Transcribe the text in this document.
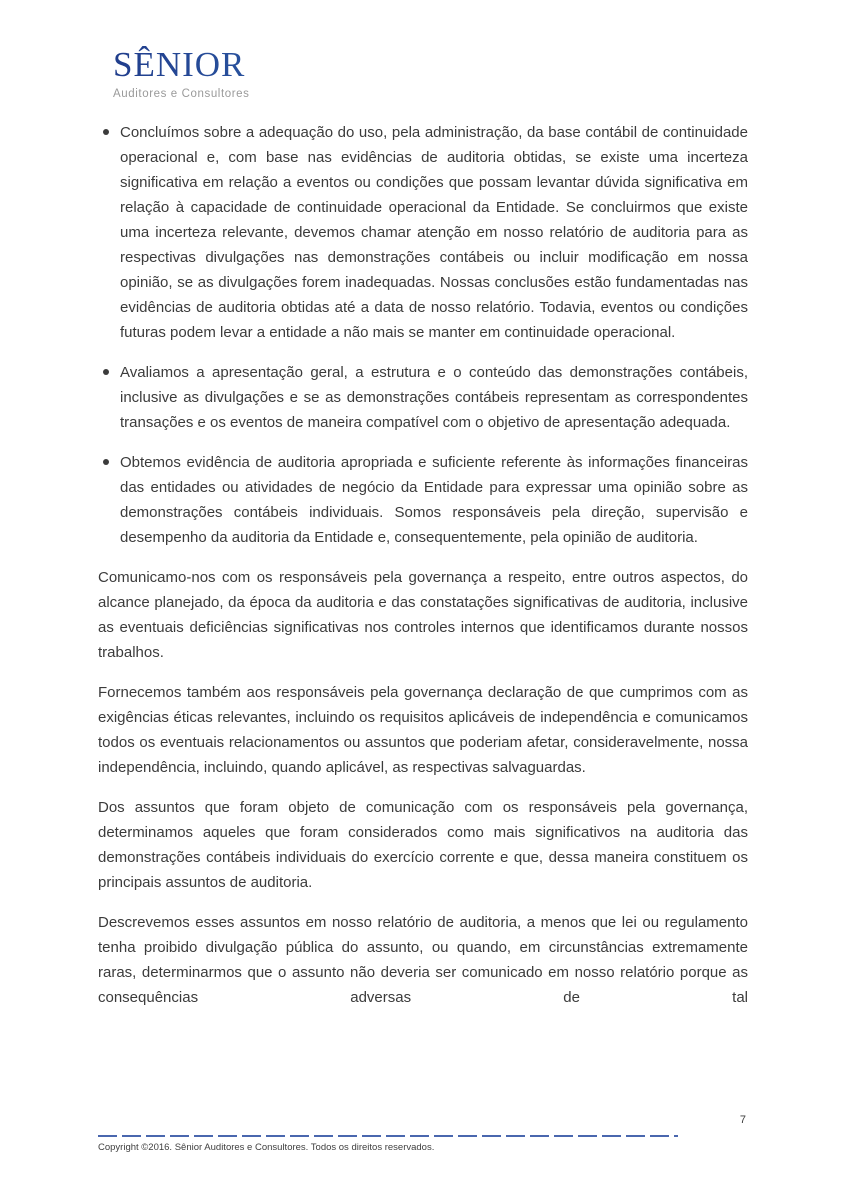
SÊNIOR
Auditores e Consultores

Concluímos sobre a adequação do uso, pela administração, da base contábil de continuidade operacional e, com base nas evidências de auditoria obtidas, se existe uma incerteza significativa em relação a eventos ou condições que possam levantar dúvida significativa em relação à capacidade de continuidade operacional da Entidade. Se concluirmos que existe uma incerteza relevante, devemos chamar atenção em nosso relatório de auditoria para as respectivas divulgações nas demonstrações contábeis ou incluir modificação em nossa opinião, se as divulgações forem inadequadas. Nossas conclusões estão fundamentadas nas evidências de auditoria obtidas até a data de nosso relatório. Todavia, eventos ou condições futuras podem levar a entidade a não mais se manter em continuidade operacional.

Avaliamos a apresentação geral, a estrutura e o conteúdo das demonstrações contábeis, inclusive as divulgações e se as demonstrações contábeis representam as correspondentes transações e os eventos de maneira compatível com o objetivo de apresentação adequada.

Obtemos evidência de auditoria apropriada e suficiente referente às informações financeiras das entidades ou atividades de negócio da Entidade para expressar uma opinião sobre as demonstrações contábeis individuais. Somos responsáveis pela direção, supervisão e desempenho da auditoria da Entidade e, consequentemente, pela opinião de auditoria.

Comunicamo-nos com os responsáveis pela governança a respeito, entre outros aspectos, do alcance planejado, da época da auditoria e das constatações significativas de auditoria, inclusive as eventuais deficiências significativas nos controles internos que identificamos durante nossos trabalhos.

Fornecemos também aos responsáveis pela governança declaração de que cumprimos com as exigências éticas relevantes, incluindo os requisitos aplicáveis de independência e comunicamos todos os eventuais relacionamentos ou assuntos que poderiam afetar, consideravelmente, nossa independência, incluindo, quando aplicável, as respectivas salvaguardas.

Dos assuntos que foram objeto de comunicação com os responsáveis pela governança, determinamos aqueles que foram considerados como mais significativos na auditoria das demonstrações contábeis individuais do exercício corrente e que, dessa maneira constituem os principais assuntos de auditoria.

Descrevemos esses assuntos em nosso relatório de auditoria, a menos que lei ou regulamento tenha proibido divulgação pública do assunto, ou quando, em circunstâncias extremamente raras, determinarmos que o assunto não deveria ser comunicado em nosso relatório porque as consequências adversas de tal

7
Copyright ©2016. Sênior Auditores e Consultores. Todos os direitos reservados.
